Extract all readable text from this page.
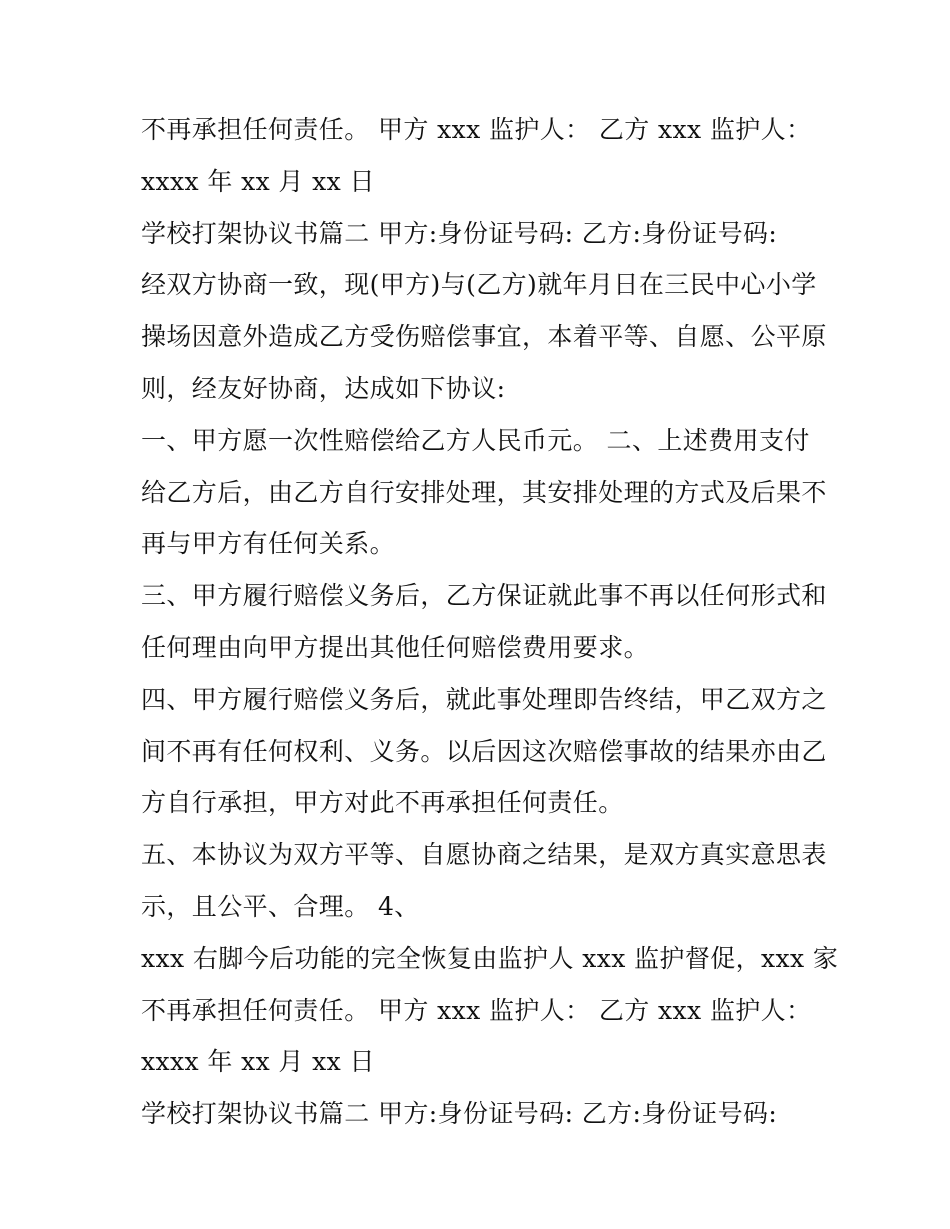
不再承担任何责任。 甲方 xxx 监护人： 乙方 xxx 监护人：
xxxx 年 xx 月 xx 日
学校打架协议书篇二 甲方:身份证号码: 乙方:身份证号码:
经双方协商一致，现(甲方)与(乙方)就年月日在三民中心小学
操场因意外造成乙方受伤赔偿事宜，本着平等、自愿、公平原
则，经友好协商，达成如下协议:
一、甲方愿一次性赔偿给乙方人民币元。 二、上述费用支付
给乙方后，由乙方自行安排处理，其安排处理的方式及后果不
再与甲方有任何关系。
三、甲方履行赔偿义务后，乙方保证就此事不再以任何形式和
任何理由向甲方提出其他任何赔偿费用要求。
四、甲方履行赔偿义务后，就此事处理即告终结，甲乙双方之
间不再有任何权利、义务。以后因这次赔偿事故的结果亦由乙
方自行承担，甲方对此不再承担任何责任。
五、本协议为双方平等、自愿协商之结果，是双方真实意思表
示，且公平、合理。 4、
xxx 右脚今后功能的完全恢复由监护人 xxx 监护督促，xxx 家
不再承担任何责任。 甲方 xxx 监护人： 乙方 xxx 监护人：
xxxx 年 xx 月 xx 日
学校打架协议书篇二 甲方:身份证号码: 乙方:身份证号码:
